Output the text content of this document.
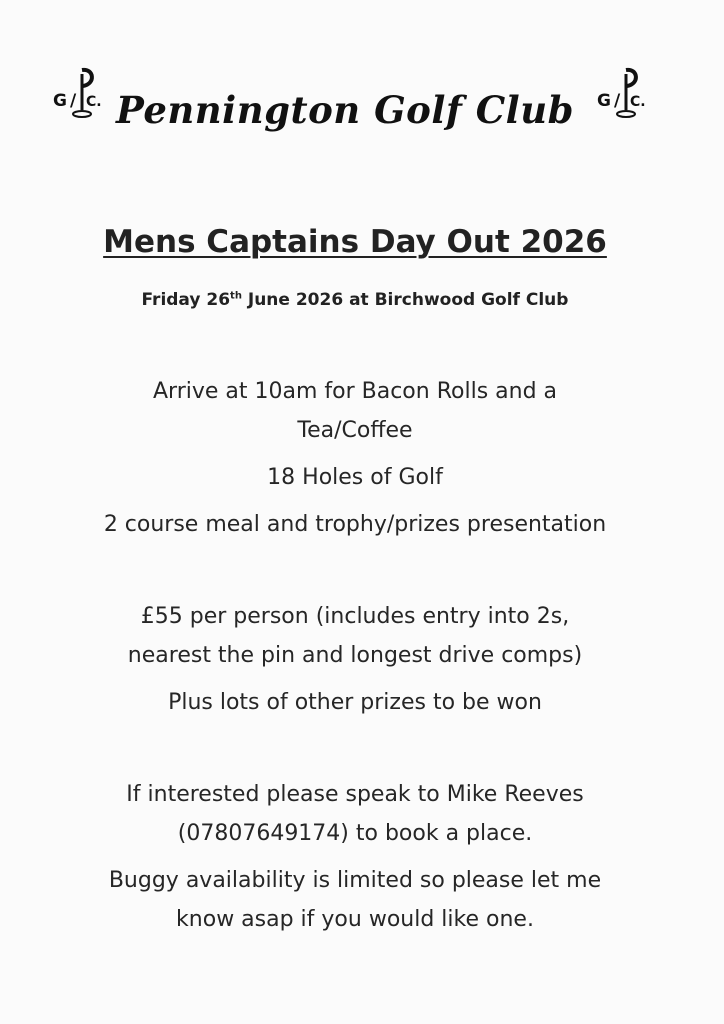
G / C. Pennington Golf Club	G / C.
Mens Captains Day Out 2026
Friday 26th June 2026 at Birchwood Golf Club
Arrive at 10am for Bacon Rolls and a
Tea/Coffee
18 Holes of Golf
2 course meal and trophy/prizes presentation
£55 per person (includes entry into 2s,
nearest the pin and longest drive comps)
Plus lots of other prizes to be won
If interested please speak to Mike Reeves
(07807649174) to book a place.
Buggy availability is limited so please let me
know asap if you would like one.
